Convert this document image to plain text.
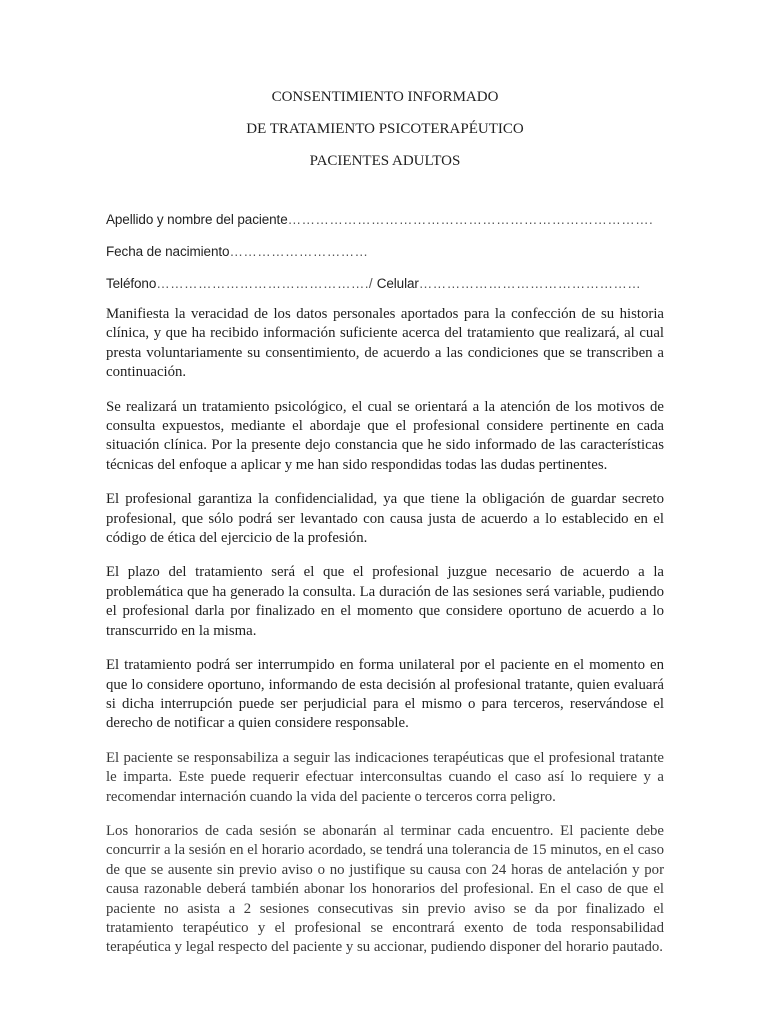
CONSENTIMIENTO INFORMADO
DE TRATAMIENTO PSICOTERAPÉUTICO
PACIENTES ADULTOS
Apellido y nombre del paciente…………………………………………………………………….
Fecha de nacimiento…………………………
Teléfono………………………………………./ Celular…………………………………………

Manifiesta la veracidad de los datos personales aportados para la confección de su historia clínica, y que ha recibido información suficiente acerca del tratamiento que realizará, al cual presta voluntariamente su consentimiento, de acuerdo a las condiciones que se transcriben a continuación.

Se realizará un tratamiento psicológico, el cual se orientará a la atención de los motivos de consulta expuestos, mediante el abordaje que el profesional considere pertinente en cada situación clínica. Por la presente dejo constancia que he sido informado de las características técnicas del enfoque a aplicar y me han sido respondidas todas las dudas pertinentes.

El profesional garantiza la confidencialidad, ya que tiene la obligación de guardar secreto profesional, que sólo podrá ser levantado con causa justa de acuerdo a lo establecido en el código de ética del ejercicio de la profesión.

El plazo del tratamiento será el que el profesional juzgue necesario de acuerdo a la problemática que ha generado la consulta. La duración de las sesiones será variable, pudiendo el profesional darla por finalizado en el momento que considere oportuno de acuerdo a lo transcurrido en la misma.

El tratamiento podrá ser interrumpido en forma unilateral por el paciente en el momento en que lo considere oportuno, informando de esta decisión al profesional tratante, quien evaluará si dicha interrupción puede ser perjudicial para el mismo o para terceros, reservándose el derecho de notificar a quien considere responsable.

El paciente se responsabiliza a seguir las indicaciones terapéuticas que el profesional tratante le imparta. Este puede requerir efectuar interconsultas cuando el caso así lo requiere y a recomendar internación cuando la vida del paciente o terceros corra peligro.

Los honorarios de cada sesión se abonarán al terminar cada encuentro. El paciente debe concurrir a la sesión en el horario acordado, se tendrá una tolerancia de 15 minutos, en el caso de que se ausente sin previo aviso o no justifique su causa con 24 horas de antelación y por causa razonable deberá también abonar los honorarios del profesional. En el caso de que el paciente no asista a 2 sesiones consecutivas sin previo aviso se da por finalizado el tratamiento terapéutico y el profesional se encontrará exento de toda responsabilidad terapéutica y legal respecto del paciente y su accionar, pudiendo disponer del horario pautado.
